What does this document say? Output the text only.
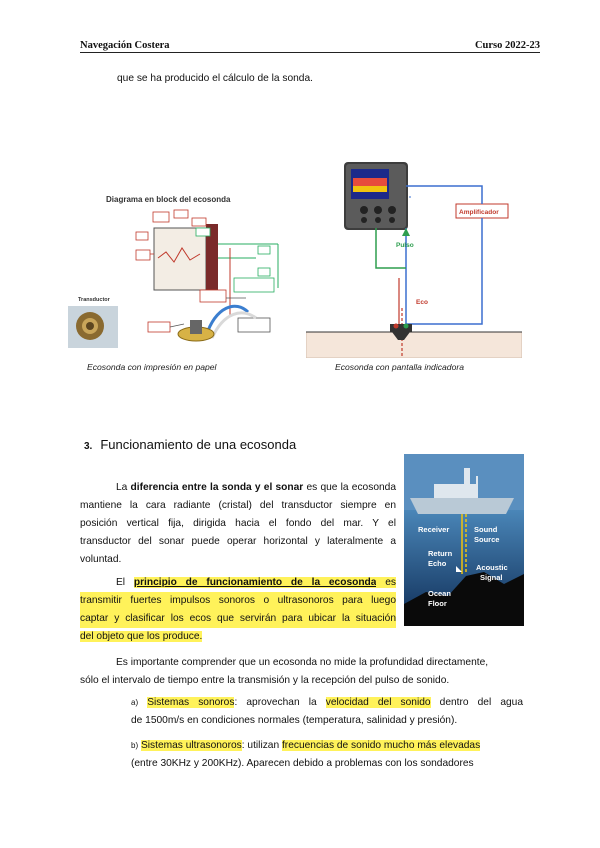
Navegación Costera	Curso 2022-23
que se ha producido el cálculo de la sonda.
Diagrama en block del ecosonda
Transductor
Ecosonda con impresión en papel
Amplificador
Pulso
Eco
Ecosonda con pantalla indicadora
3. Funcionamiento de una ecosonda
Receiver	Sound
Source
Return
Echo	Acoustic
Signal
Ocean
Floor
La diferencia entre la sonda y el sonar es que la ecosonda
mantiene la cara radiante (cristal) del transductor siempre en
posición vertical fija, dirigida hacia el fondo del mar. Y el
transductor del sonar puede operar horizontal y lateralmente a
voluntad.
El principio de funcionamiento de la ecosonda es
transmitir fuertes impulsos sonoros o ultrasonoros para luego
captar y clasificar los ecos que servirán para ubicar la situación
del objeto que los produce.
Es importante comprender que un ecosonda no mide la profundidad directamente,
sólo el intervalo de tiempo entre la transmisión y la recepción del pulso de sonido.
a) Sistemas sonoros: aprovechan la velocidad del sonido dentro del agua
de 1500m/s en condiciones normales (temperatura, salinidad y presión).
b) Sistemas ultrasonoros: utilizan frecuencias de sonido mucho más elevadas
(entre 30KHz y 200KHz). Aparecen debido a problemas con los sondadores
